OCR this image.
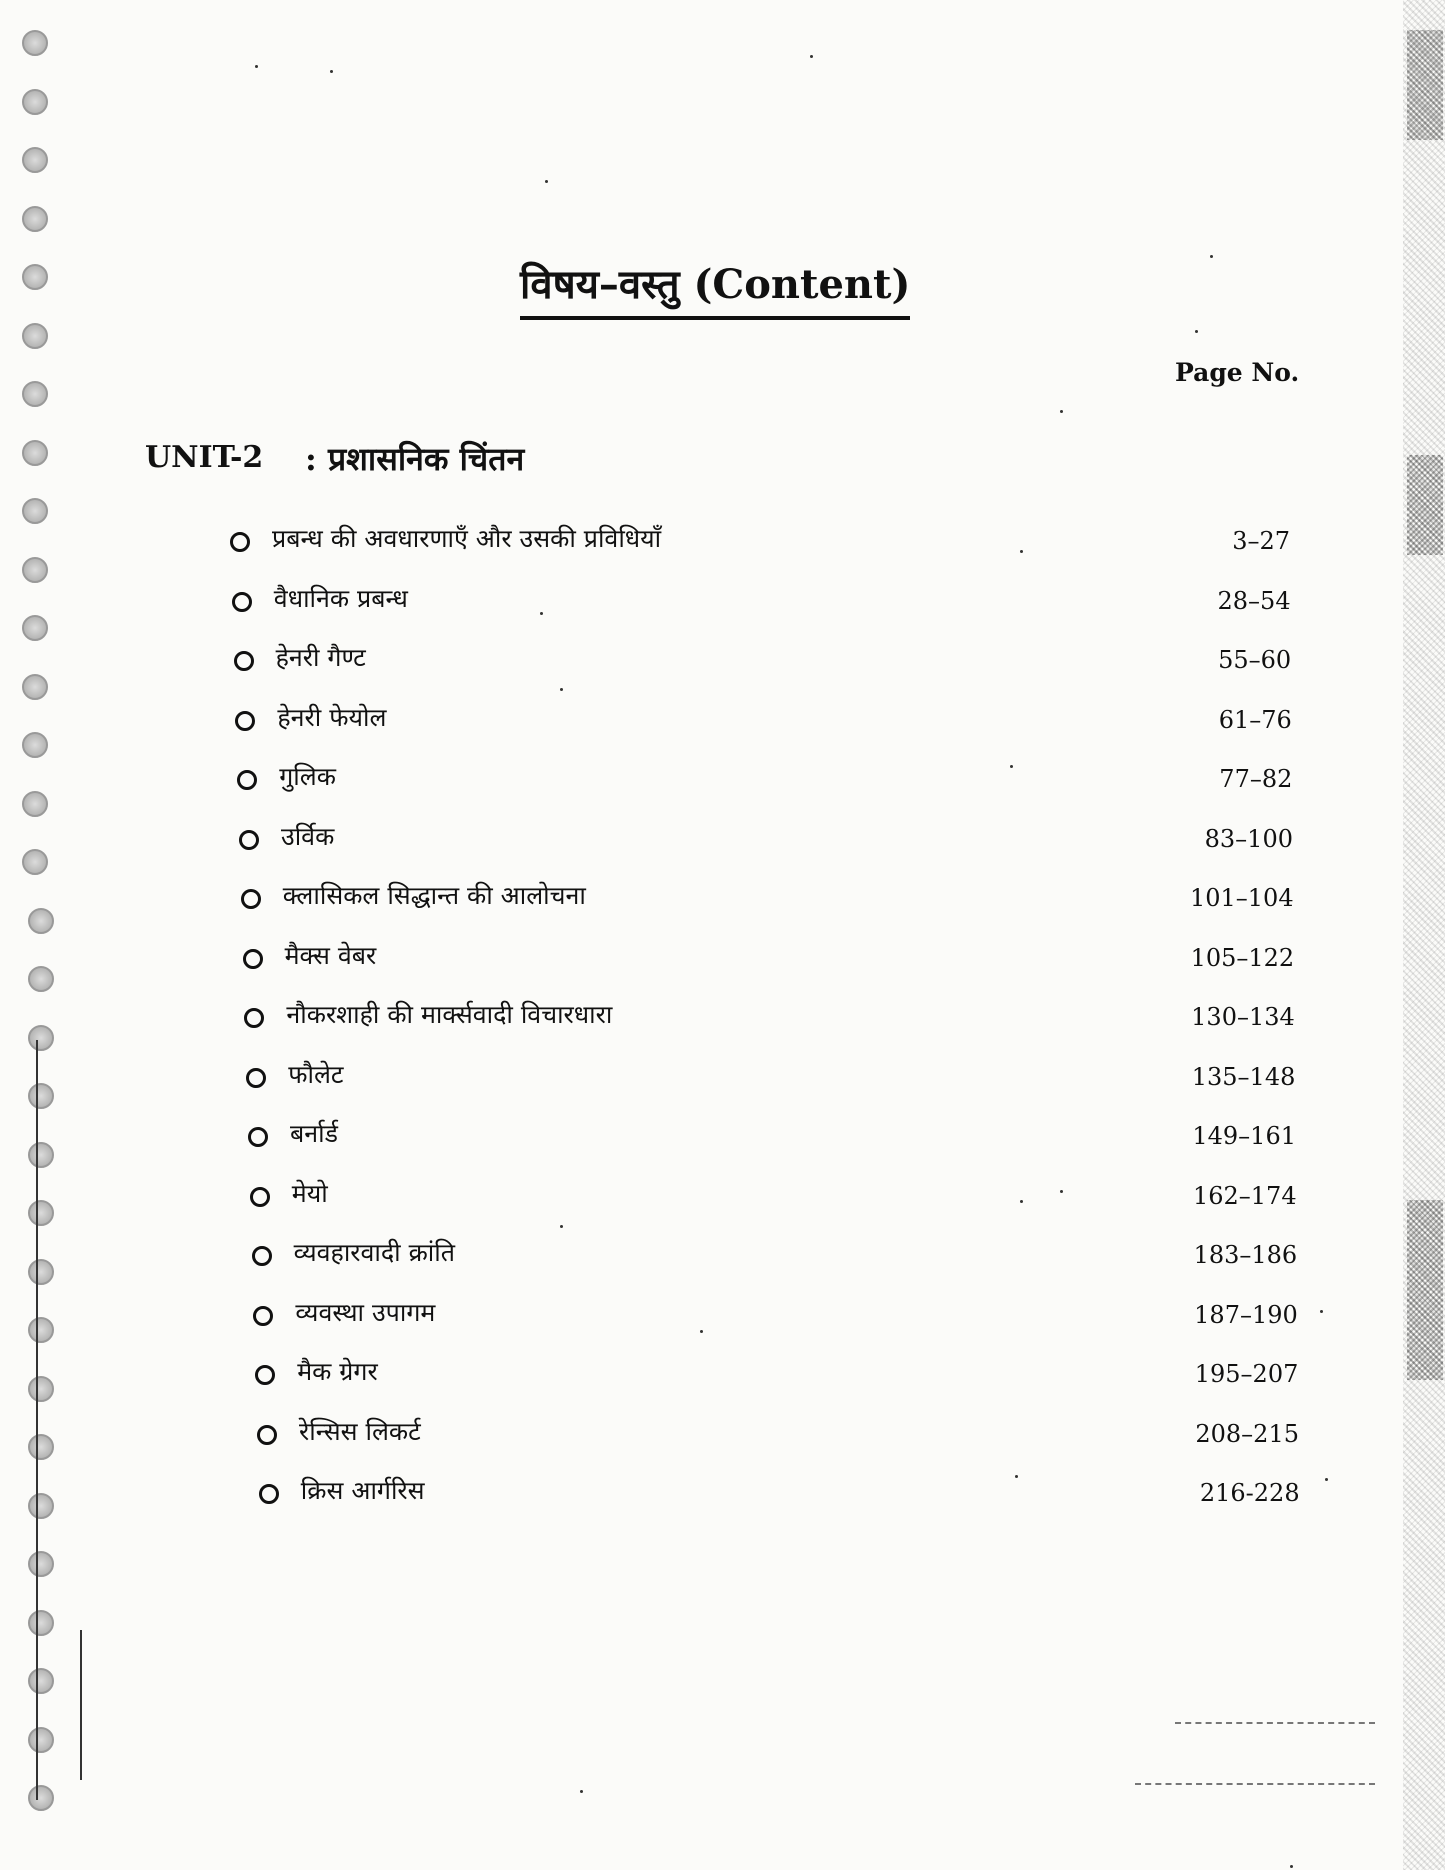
विषय–वस्तु (Content)
Page No.
UNIT-2 : प्रशासनिक चिंतन
प्रबन्ध की अवधारणाएँ और उसकी प्रविधियाँ	3–27
वैधानिक प्रबन्ध	28–54
हेनरी गैण्ट	55–60
हेनरी फेयोल	61–76
गुलिक	77–82
उर्विक	83–100
क्लासिकल सिद्धान्त की आलोचना	101–104
मैक्स वेबर	105–122
नौकरशाही की मार्क्सवादी विचारधारा	130–134
फौलेट	135–148
बर्नार्ड	149–161
मेयो	162–174
व्यवहारवादी क्रांति	183–186
व्यवस्था उपागम	187–190
मैक ग्रेगर	195–207
रेन्सिस लिकर्ट	208–215
क्रिस आर्गरिस	216-228
